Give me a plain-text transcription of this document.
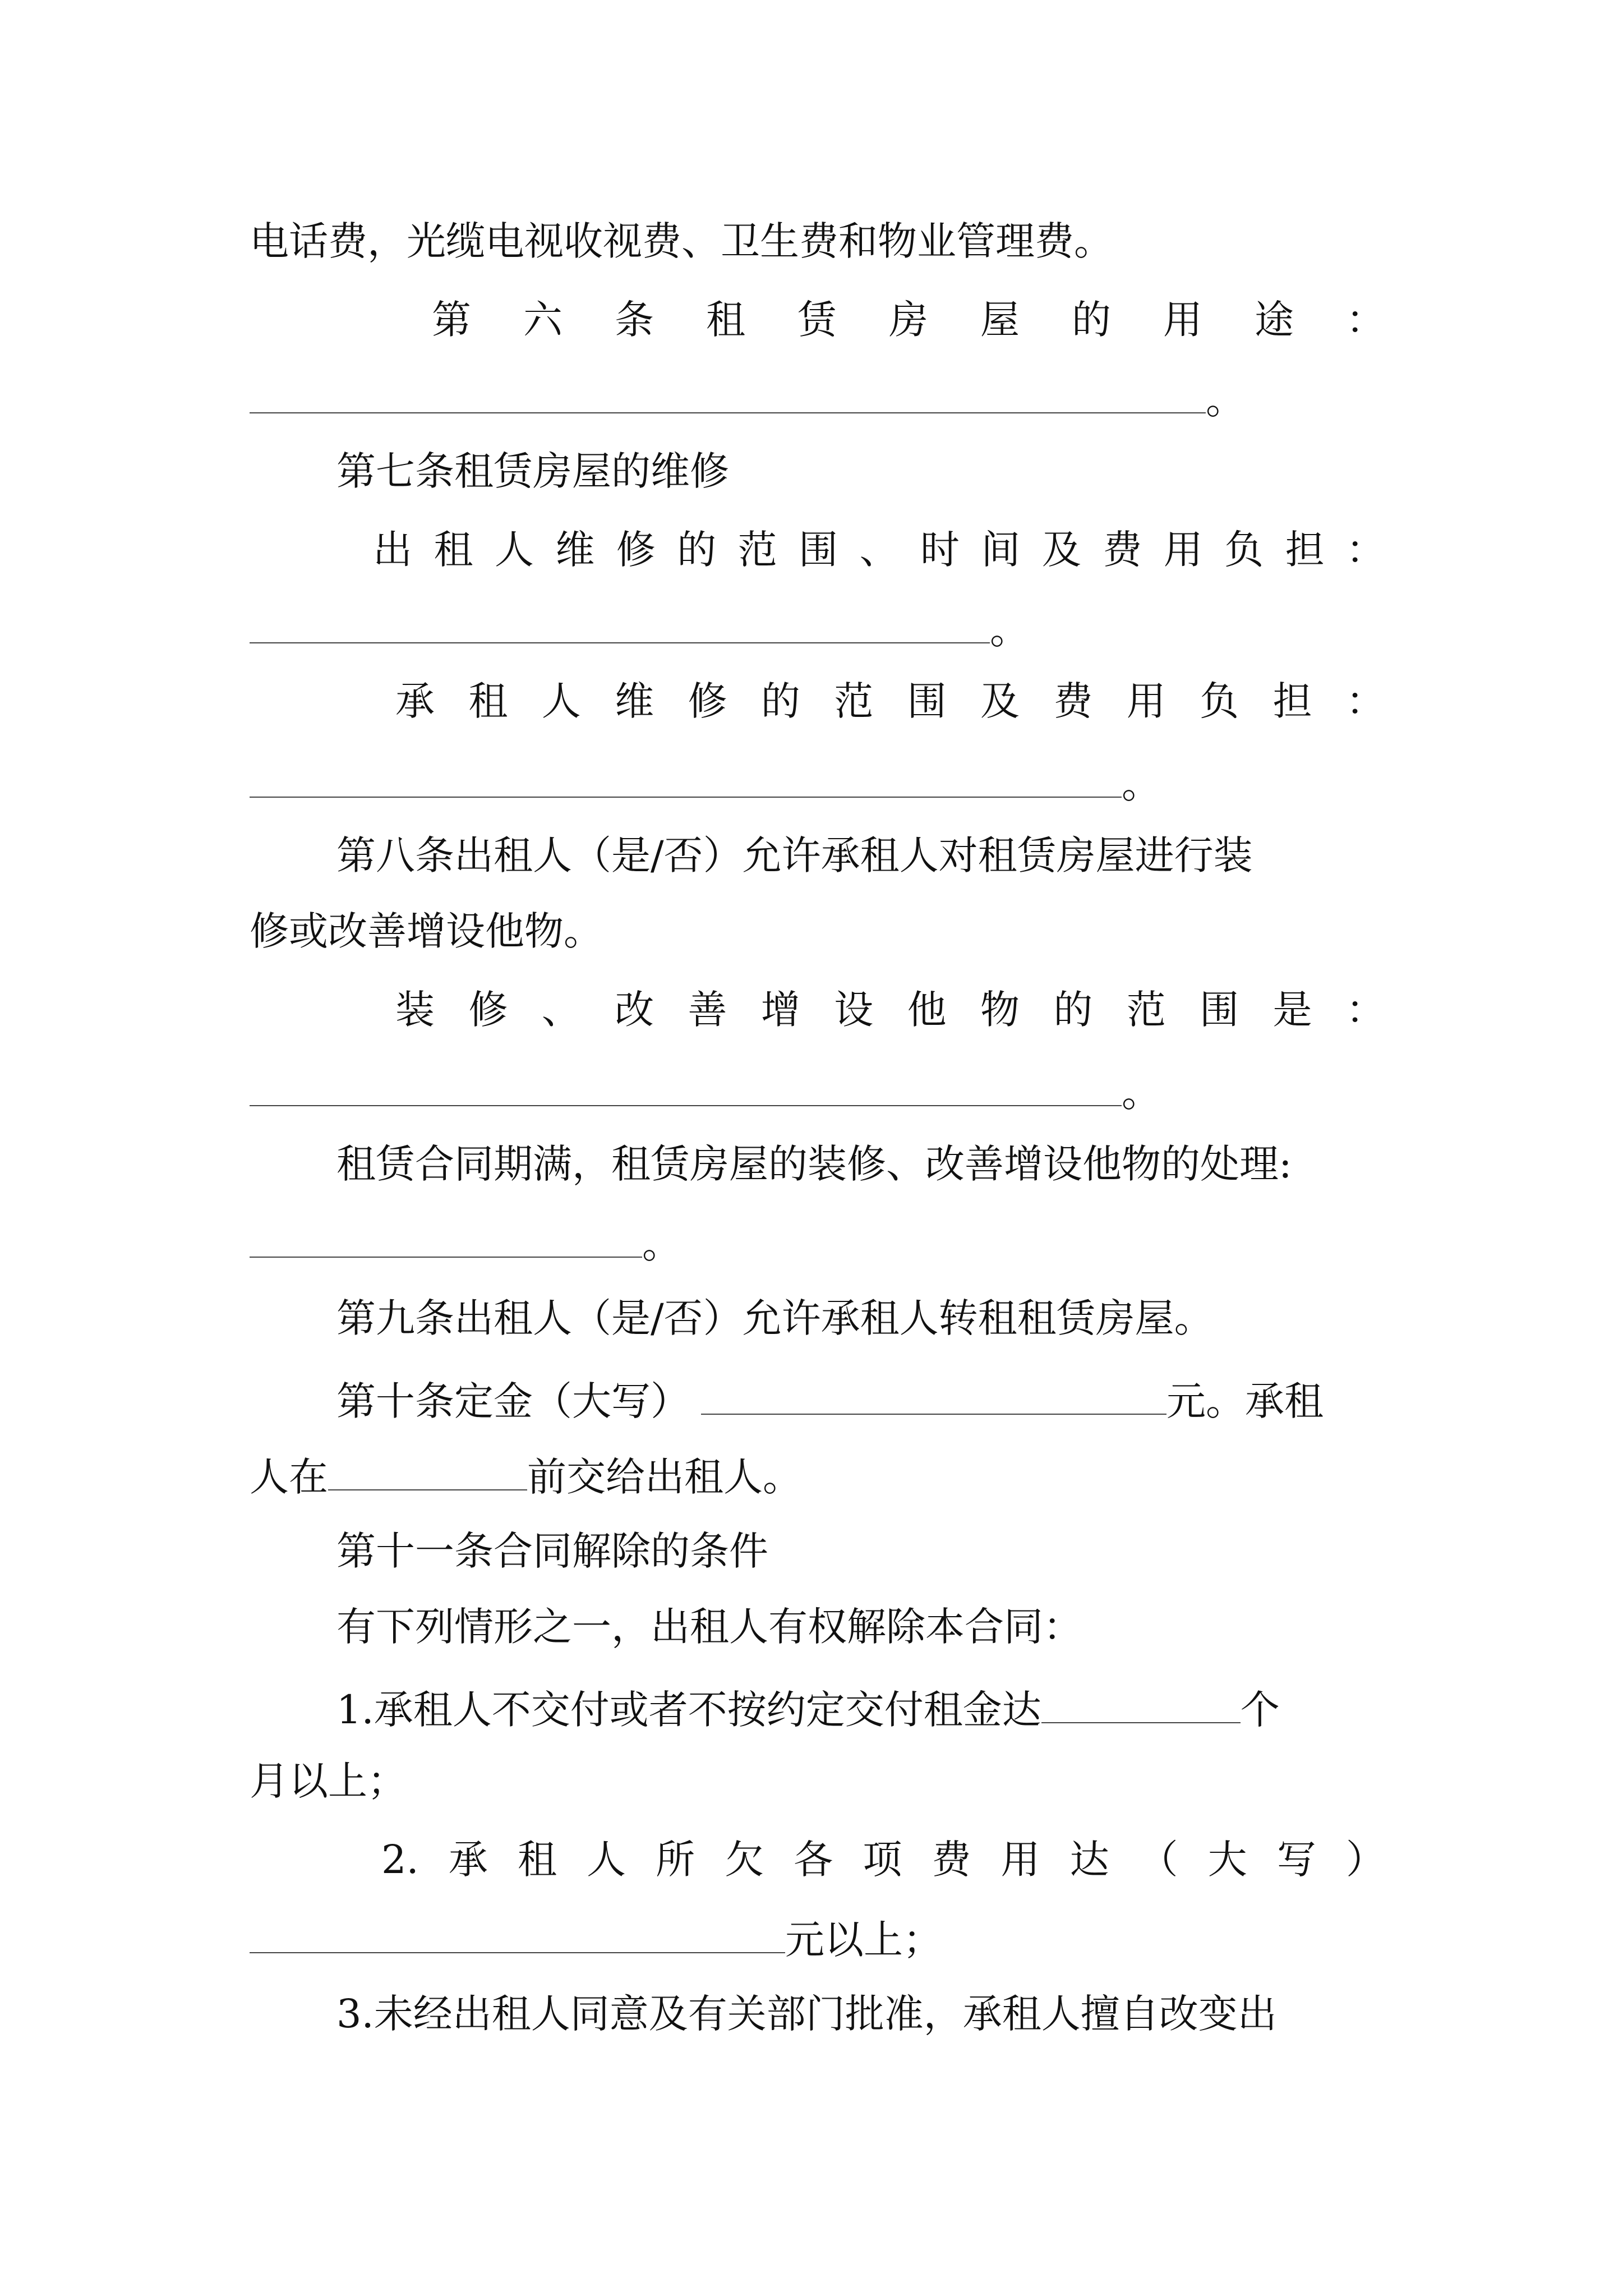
电话费，光缆电视收视费、卫生费和物业管理费。
第 六 条 租 赁 房 屋 的 用 途 ：
。
第七条租赁房屋的维修
出 租 人 维 修 的 范 围 、 时 间 及 费 用 负 担 ：
。
承 租 人 维 修 的 范 围 及 费 用 负 担 ：
。
第八条出租人（是/否）允许承租人对租赁房屋进行装
修或改善增设他物。
装 修 、 改 善 增 设 他 物 的 范 围 是 ：
。
租赁合同期满，租赁房屋的装修、改善增设他物的处理:
。
第九条出租人（是/否）允许承租人转租租赁房屋。
第十条定金（大写）	元。承租
人在	前交给出租人。
第十一条合同解除的条件
有下列情形之一，出租人有权解除本合同：
1.承租人不交付或者不按约定交付租金达	个
月以上；
2. 承 租 人 所 欠 各 项 费 用 达 （ 大 写 ）
元以上；
3.未经出租人同意及有关部门批准，承租人擅自改变出
